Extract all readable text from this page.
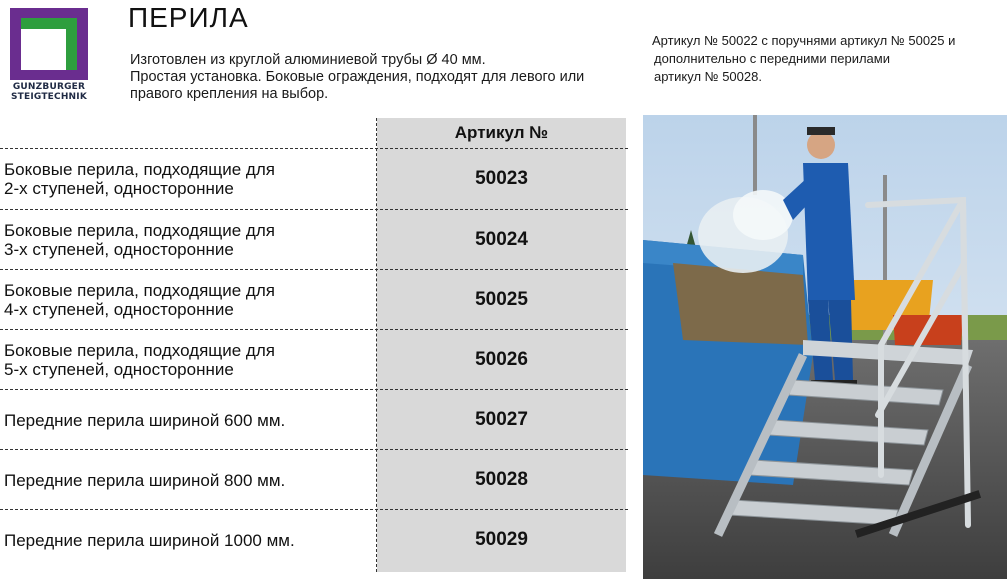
GUNZBURGER
STEIGTECHNIK
ПЕРИЛА

Изготовлен из круглой алюминиевой трубы Ø 40 мм.

Простая установка. Боковые ограждения, подходят для левого или

правого крепления на выбор.

Артикул № 50022 с поручнями артикул № 50025 и

дополнительно с передними перилами

артикул № 50028.

Артикул №
Боковые перила, подходящие для
2-х ступеней, односторонние	50023
Боковые перила, подходящие для
3-х ступеней, односторонние	50024
Боковые перила, подходящие для
4-х ступеней, односторонние	50025
Боковые перила, подходящие для
5-х ступеней, односторонние	50026
Передние перила шириной 600 мм.	50027
Передние перила шириной 800 мм.	50028
Передние перила шириной 1000 мм.	50029
